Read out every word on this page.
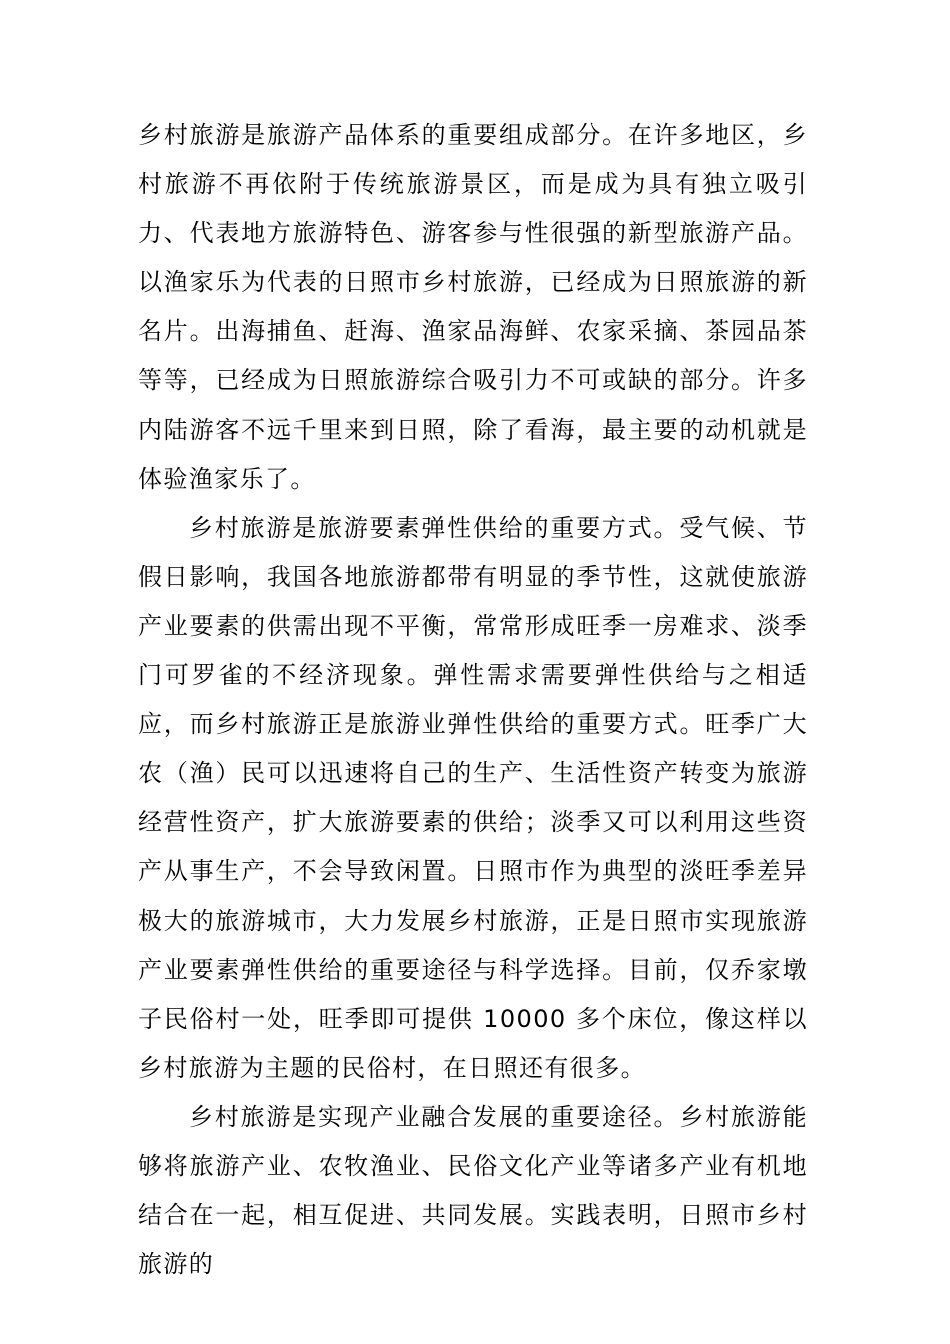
乡村旅游是旅游产品体系的重要组成部分。在许多地区，乡村旅游不再依附于传统旅游景区，而是成为具有独立吸引力、代表地方旅游特色、游客参与性很强的新型旅游产品。以渔家乐为代表的日照市乡村旅游，已经成为日照旅游的新名片。出海捕鱼、赶海、渔家品海鲜、农家采摘、茶园品茶等等，已经成为日照旅游综合吸引力不可或缺的部分。许多内陆游客不远千里来到日照，除了看海，最主要的动机就是体验渔家乐了。

乡村旅游是旅游要素弹性供给的重要方式。受气候、节假日影响，我国各地旅游都带有明显的季节性，这就使旅游产业要素的供需出现不平衡，常常形成旺季一房难求、淡季门可罗雀的不经济现象。弹性需求需要弹性供给与之相适应，而乡村旅游正是旅游业弹性供给的重要方式。旺季广大农（渔）民可以迅速将自己的生产、生活性资产转变为旅游经营性资产，扩大旅游要素的供给；淡季又可以利用这些资产从事生产，不会导致闲置。日照市作为典型的淡旺季差异极大的旅游城市，大力发展乡村旅游，正是日照市实现旅游产业要素弹性供给的重要途径与科学选择。目前，仅乔家墩子民俗村一处，旺季即可提供 10000 多个床位，像这样以乡村旅游为主题的民俗村，在日照还有很多。

乡村旅游是实现产业融合发展的重要途径。乡村旅游能够将旅游产业、农牧渔业、民俗文化产业等诸多产业有机地结合在一起，相互促进、共同发展。实践表明，日照市乡村旅游的
